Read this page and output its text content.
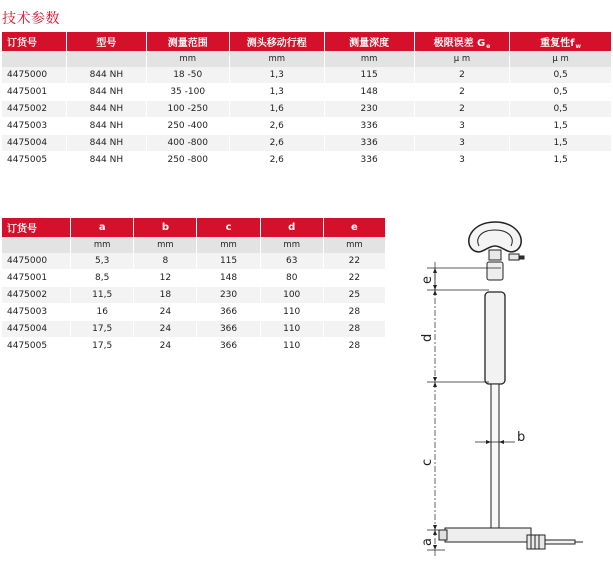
技术参数
订货号	型号	测量范围	测头移动行程	测量深度	极限误差 $G_e$	重复性$f_w$
		mm	mm	mm	µ m	µ m
4475000	844 NH	18 -50	1,3	115	2	0,5
4475001	844 NH	35 -100	1,3	148	2	0,5
4475002	844 NH	100 -250	1,6	230	2	0,5
4475003	844 NH	250 -400	2,6	336	3	1,5
4475004	844 NH	400 -800	2,6	336	3	1,5
4475005	844 NH	250 -800	2,6	336	3	1,5
订货号	a	b	c	d	e
	mm	mm	mm	mm	mm
4475000	5,3	8	115	63	22
4475001	8,5	12	148	80	22
4475002	11,5	18	230	100	25
4475003	16	24	366	110	28
4475004	17,5	24	366	110	28
4475005	17,5	24	366	110	28
e
d
c
a
b
